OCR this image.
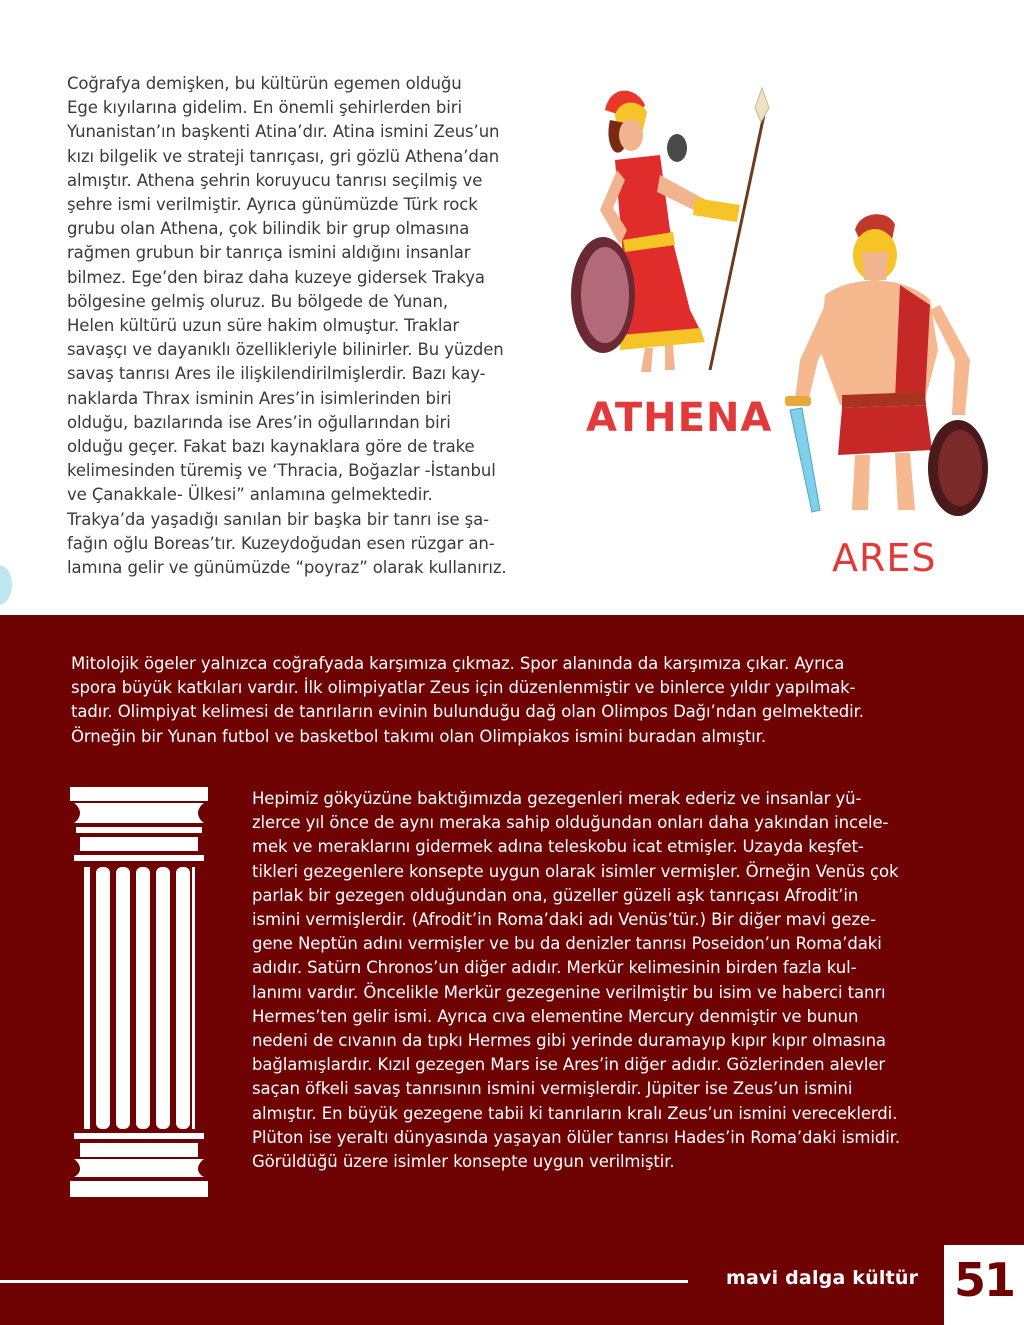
Coğrafya demişken, bu kültürün egemen olduğu
Ege kıyılarına gidelim. En önemli şehirlerden biri
Yunanistan’ın başkenti Atina’dır. Atina ismini Zeus’un
kızı bilgelik ve strateji tanrıçası, gri gözlü Athena’dan
almıştır. Athena şehrin koruyucu tanrısı seçilmiş ve
şehre ismi verilmiştir. Ayrıca günümüzde Türk rock
grubu olan Athena, çok bilindik bir grup olmasına
rağmen grubun bir tanrıça ismini aldığını insanlar
bilmez. Ege’den biraz daha kuzeye gidersek Trakya
bölgesine gelmiş oluruz. Bu bölgede de Yunan,
Helen kültürü uzun süre hakim olmuştur. Traklar
savaşçı ve dayanıklı özellikleriyle bilinirler. Bu yüzden
savaş tanrısı Ares ile ilişkilendirilmişlerdir. Bazı kay-
naklarda Thrax isminin Ares’in isimlerinden biri
olduğu, bazılarında ise Ares’in oğullarından biri
olduğu geçer. Fakat bazı kaynaklara göre de trake
kelimesinden türemiş ve ‘Thracia, Boğazlar -İstanbul
ve Çanakkale- Ülkesi” anlamına gelmektedir.
Trakya’da yaşadığı sanılan bir başka bir tanrı ise şa-
fağın oğlu Boreas’tır. Kuzeydoğudan esen rüzgar an-
lamına gelir ve günümüzde “poyraz” olarak kullanırız.

ATHENA
ARES

Mitolojik ögeler yalnızca coğrafyada karşımıza çıkmaz. Spor alanında da karşımıza çıkar. Ayrıca
spora büyük katkıları vardır. İlk olimpiyatlar Zeus için düzenlenmiştir ve binlerce yıldır yapılmak-
tadır. Olimpiyat kelimesi de tanrıların evinin bulunduğu dağ olan Olimpos Dağı’ndan gelmektedir.
Örneğin bir Yunan futbol ve basketbol takımı olan Olimpiakos ismini buradan almıştır.

Hepimiz gökyüzüne baktığımızda gezegenleri merak ederiz ve insanlar yü-
zlerce yıl önce de aynı meraka sahip olduğundan onları daha yakından incele-
mek ve meraklarını gidermek adına teleskobu icat etmişler. Uzayda keşfet-
tikleri gezegenlere konsepte uygun olarak isimler vermişler. Örneğin Venüs çok
parlak bir gezegen olduğundan ona, güzeller güzeli aşk tanrıçası Afrodit’in
ismini vermişlerdir. (Afrodit’in Roma’daki adı Venüs’tür.) Bir diğer mavi geze-
gene Neptün adını vermişler ve bu da denizler tanrısı Poseidon’un Roma’daki
adıdır. Satürn Chronos’un diğer adıdır. Merkür kelimesinin birden fazla kul-
lanımı vardır. Öncelikle Merkür gezegenine verilmiştir bu isim ve haberci tanrı
Hermes’ten gelir ismi. Ayrıca cıva elementine Mercury denmiştir ve bunun
nedeni de cıvanın da tıpkı Hermes gibi yerinde duramayıp kıpır kıpır olmasına
bağlamışlardır. Kızıl gezegen Mars ise Ares’in diğer adıdır. Gözlerinden alevler
saçan öfkeli savaş tanrısının ismini vermişlerdir. Jüpiter ise Zeus’un ismini
almıştır. En büyük gezegene tabii ki tanrıların kralı Zeus’un ismini vereceklerdi.
Plüton ise yeraltı dünyasında yaşayan ölüler tanrısı Hades’in Roma’daki ismidir.
Görüldüğü üzere isimler konsepte uygun verilmiştir.

mavi dalga kültür 51
